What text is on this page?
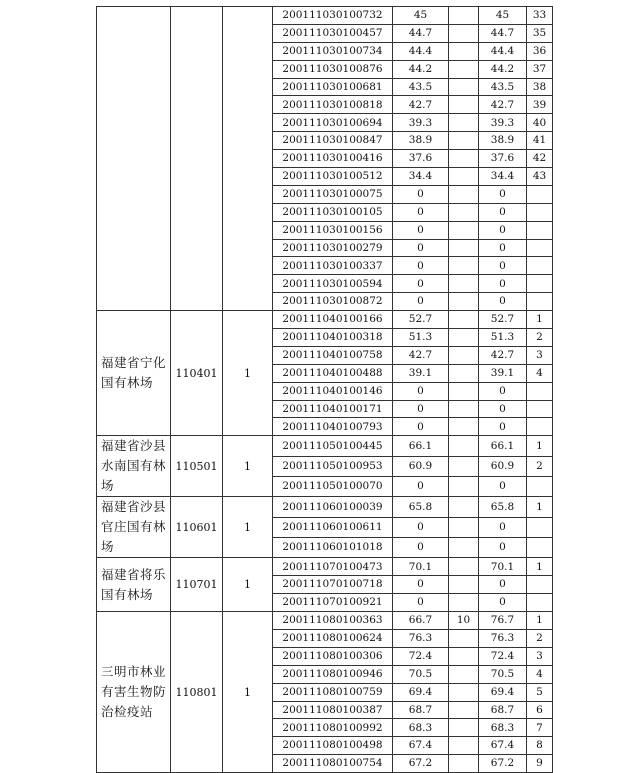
			200111030100732	45		45	33
			200111030100457	44.7		44.7	35
			200111030100734	44.4		44.4	36
			200111030100876	44.2		44.2	37
			200111030100681	43.5		43.5	38
			200111030100818	42.7		42.7	39
			200111030100694	39.3		39.3	40
			200111030100847	38.9		38.9	41
			200111030100416	37.6		37.6	42
			200111030100512	34.4		34.4	43
			200111030100075	0		0	
			200111030100105	0		0	
			200111030100156	0		0	
			200111030100279	0		0	
			200111030100337	0		0	
			200111030100594	0		0	
			200111030100872	0		0	
福建省宁化国有林场	110401	1	200111040100166	52.7		52.7	1
			200111040100318	51.3		51.3	2
			200111040100758	42.7		42.7	3
			200111040100488	39.1		39.1	4
			200111040100146	0		0	
			200111040100171	0		0	
			200111040100793	0		0	
福建省沙县水南国有林场	110501	1	200111050100445	66.1		66.1	1
			200111050100953	60.9		60.9	2
			200111050100070	0		0	
福建省沙县官庄国有林场	110601	1	200111060100039	65.8		65.8	1
			200111060100611	0		0	
			200111060101018	0		0	
福建省将乐国有林场	110701	1	200111070100473	70.1		70.1	1
			200111070100718	0		0	
			200111070100921	0		0	
三明市林业有害生物防治检疫站	110801	1	200111080100363	66.7	10	76.7	1
			200111080100624	76.3		76.3	2
			200111080100306	72.4		72.4	3
			200111080100946	70.5		70.5	4
			200111080100759	69.4		69.4	5
			200111080100387	68.7		68.7	6
			200111080100992	68.3		68.3	7
			200111080100498	67.4		67.4	8
			200111080100754	67.2		67.2	9
